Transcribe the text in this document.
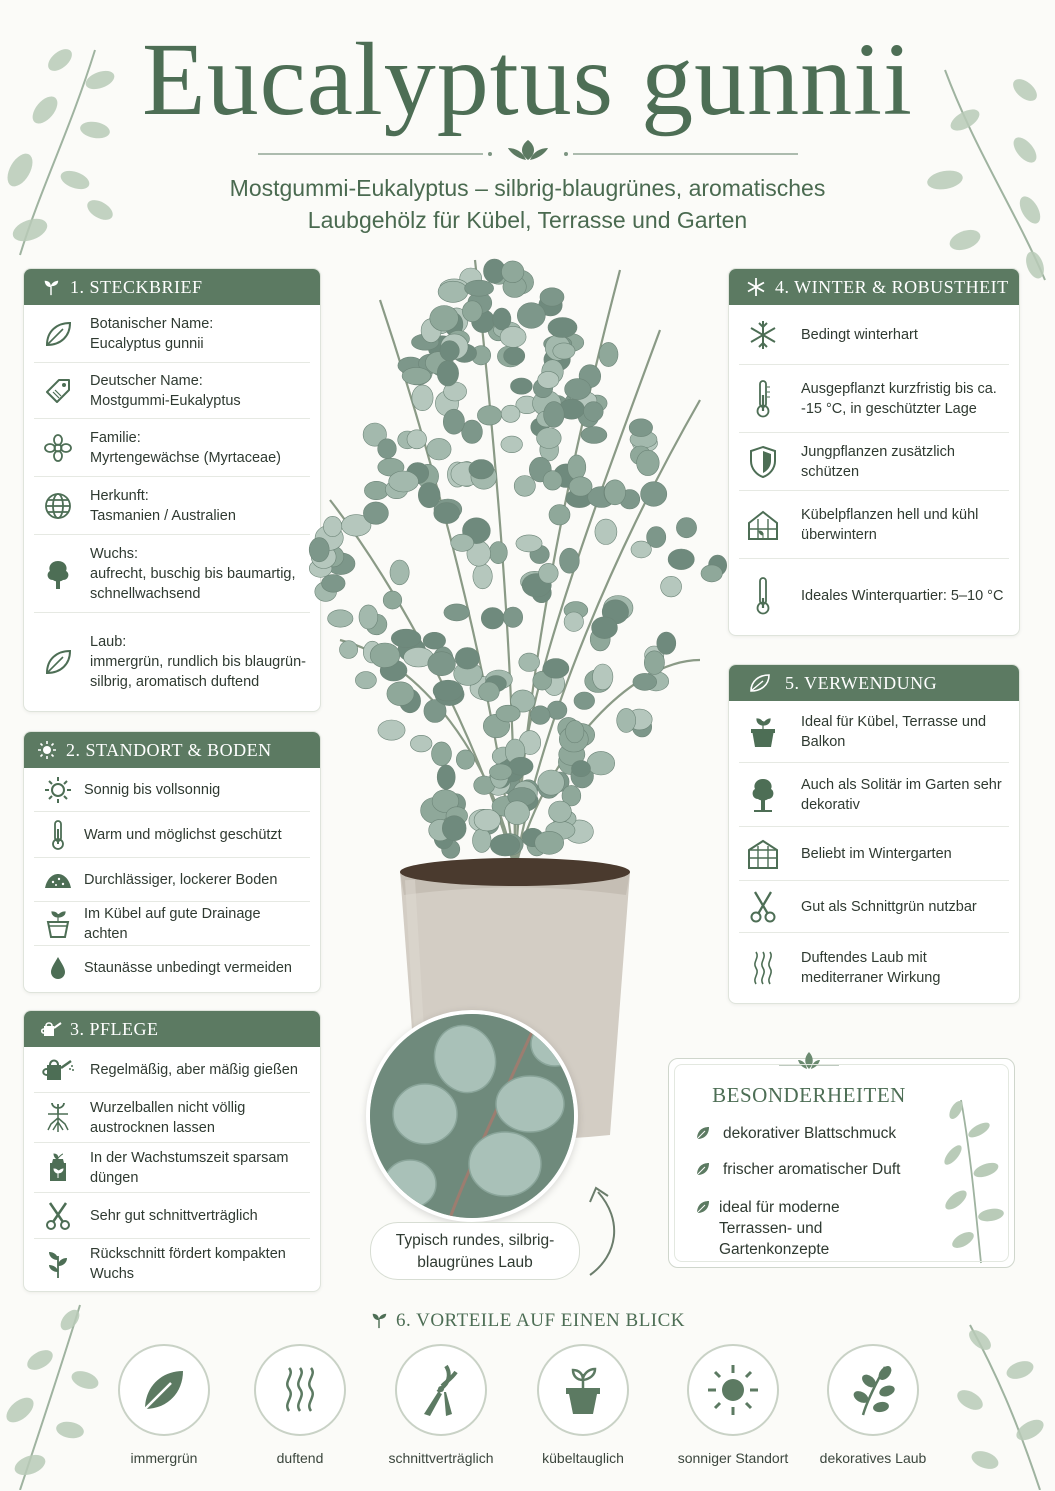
Eucalyptus gunnii
Mostgummi-Eukalyptus – silbrig-blaugrünes, aromatisches
Laubgehölz für Kübel, Terrasse und Garten
1. STECKBRIEF
Botanischer Name:
Eucalyptus gunnii
Deutscher Name:
Mostgummi-Eukalyptus
Familie:
Myrtengewächse (Myrtaceae)
Herkunft:
Tasmanien / Australien
Wuchs:
aufrecht, buschig bis baumartig, schnellwachsend
Laub:
immergrün, rundlich bis blaugrün-silbrig, aromatisch duftend
2. STANDORT & BODEN
Sonnig bis vollsonnig
Warm und möglichst geschützt
Durchlässiger, lockerer Boden
Im Kübel auf gute Drainage achten
Staunässe unbedingt vermeiden
3. PFLEGE
Regelmäßig, aber mäßig gießen
Wurzelballen nicht völlig austrocknen lassen
In der Wachstumszeit sparsam düngen
Sehr gut schnittverträglich
Rückschnitt fördert kompakten Wuchs
Typisch rundes, silbrig-blaugrünes Laub
4. WINTER & ROBUSTHEIT
Bedingt winterhart
Ausgepflanzt kurzfristig bis ca. -15 °C, in geschützter Lage
Jungpflanzen zusätzlich schützen
Kübelpflanzen hell und kühl überwintern
Ideales Winterquartier: 5–10 °C
5. VERWENDUNG
Ideal für Kübel, Terrasse und Balkon
Auch als Solitär im Garten sehr dekorativ
Beliebt im Wintergarten
Gut als Schnittgrün nutzbar
Duftendes Laub mit mediterraner Wirkung
BESONDERHEITEN
dekorativer Blattschmuck
frischer aromatischer Duft
ideal für moderne Terrassen- und Gartenkonzepte
6. VORTEILE AUF EINEN BLICK
immergrün	duftend	schnittverträglich	kübeltauglich	sonniger Standort	dekoratives Laub
